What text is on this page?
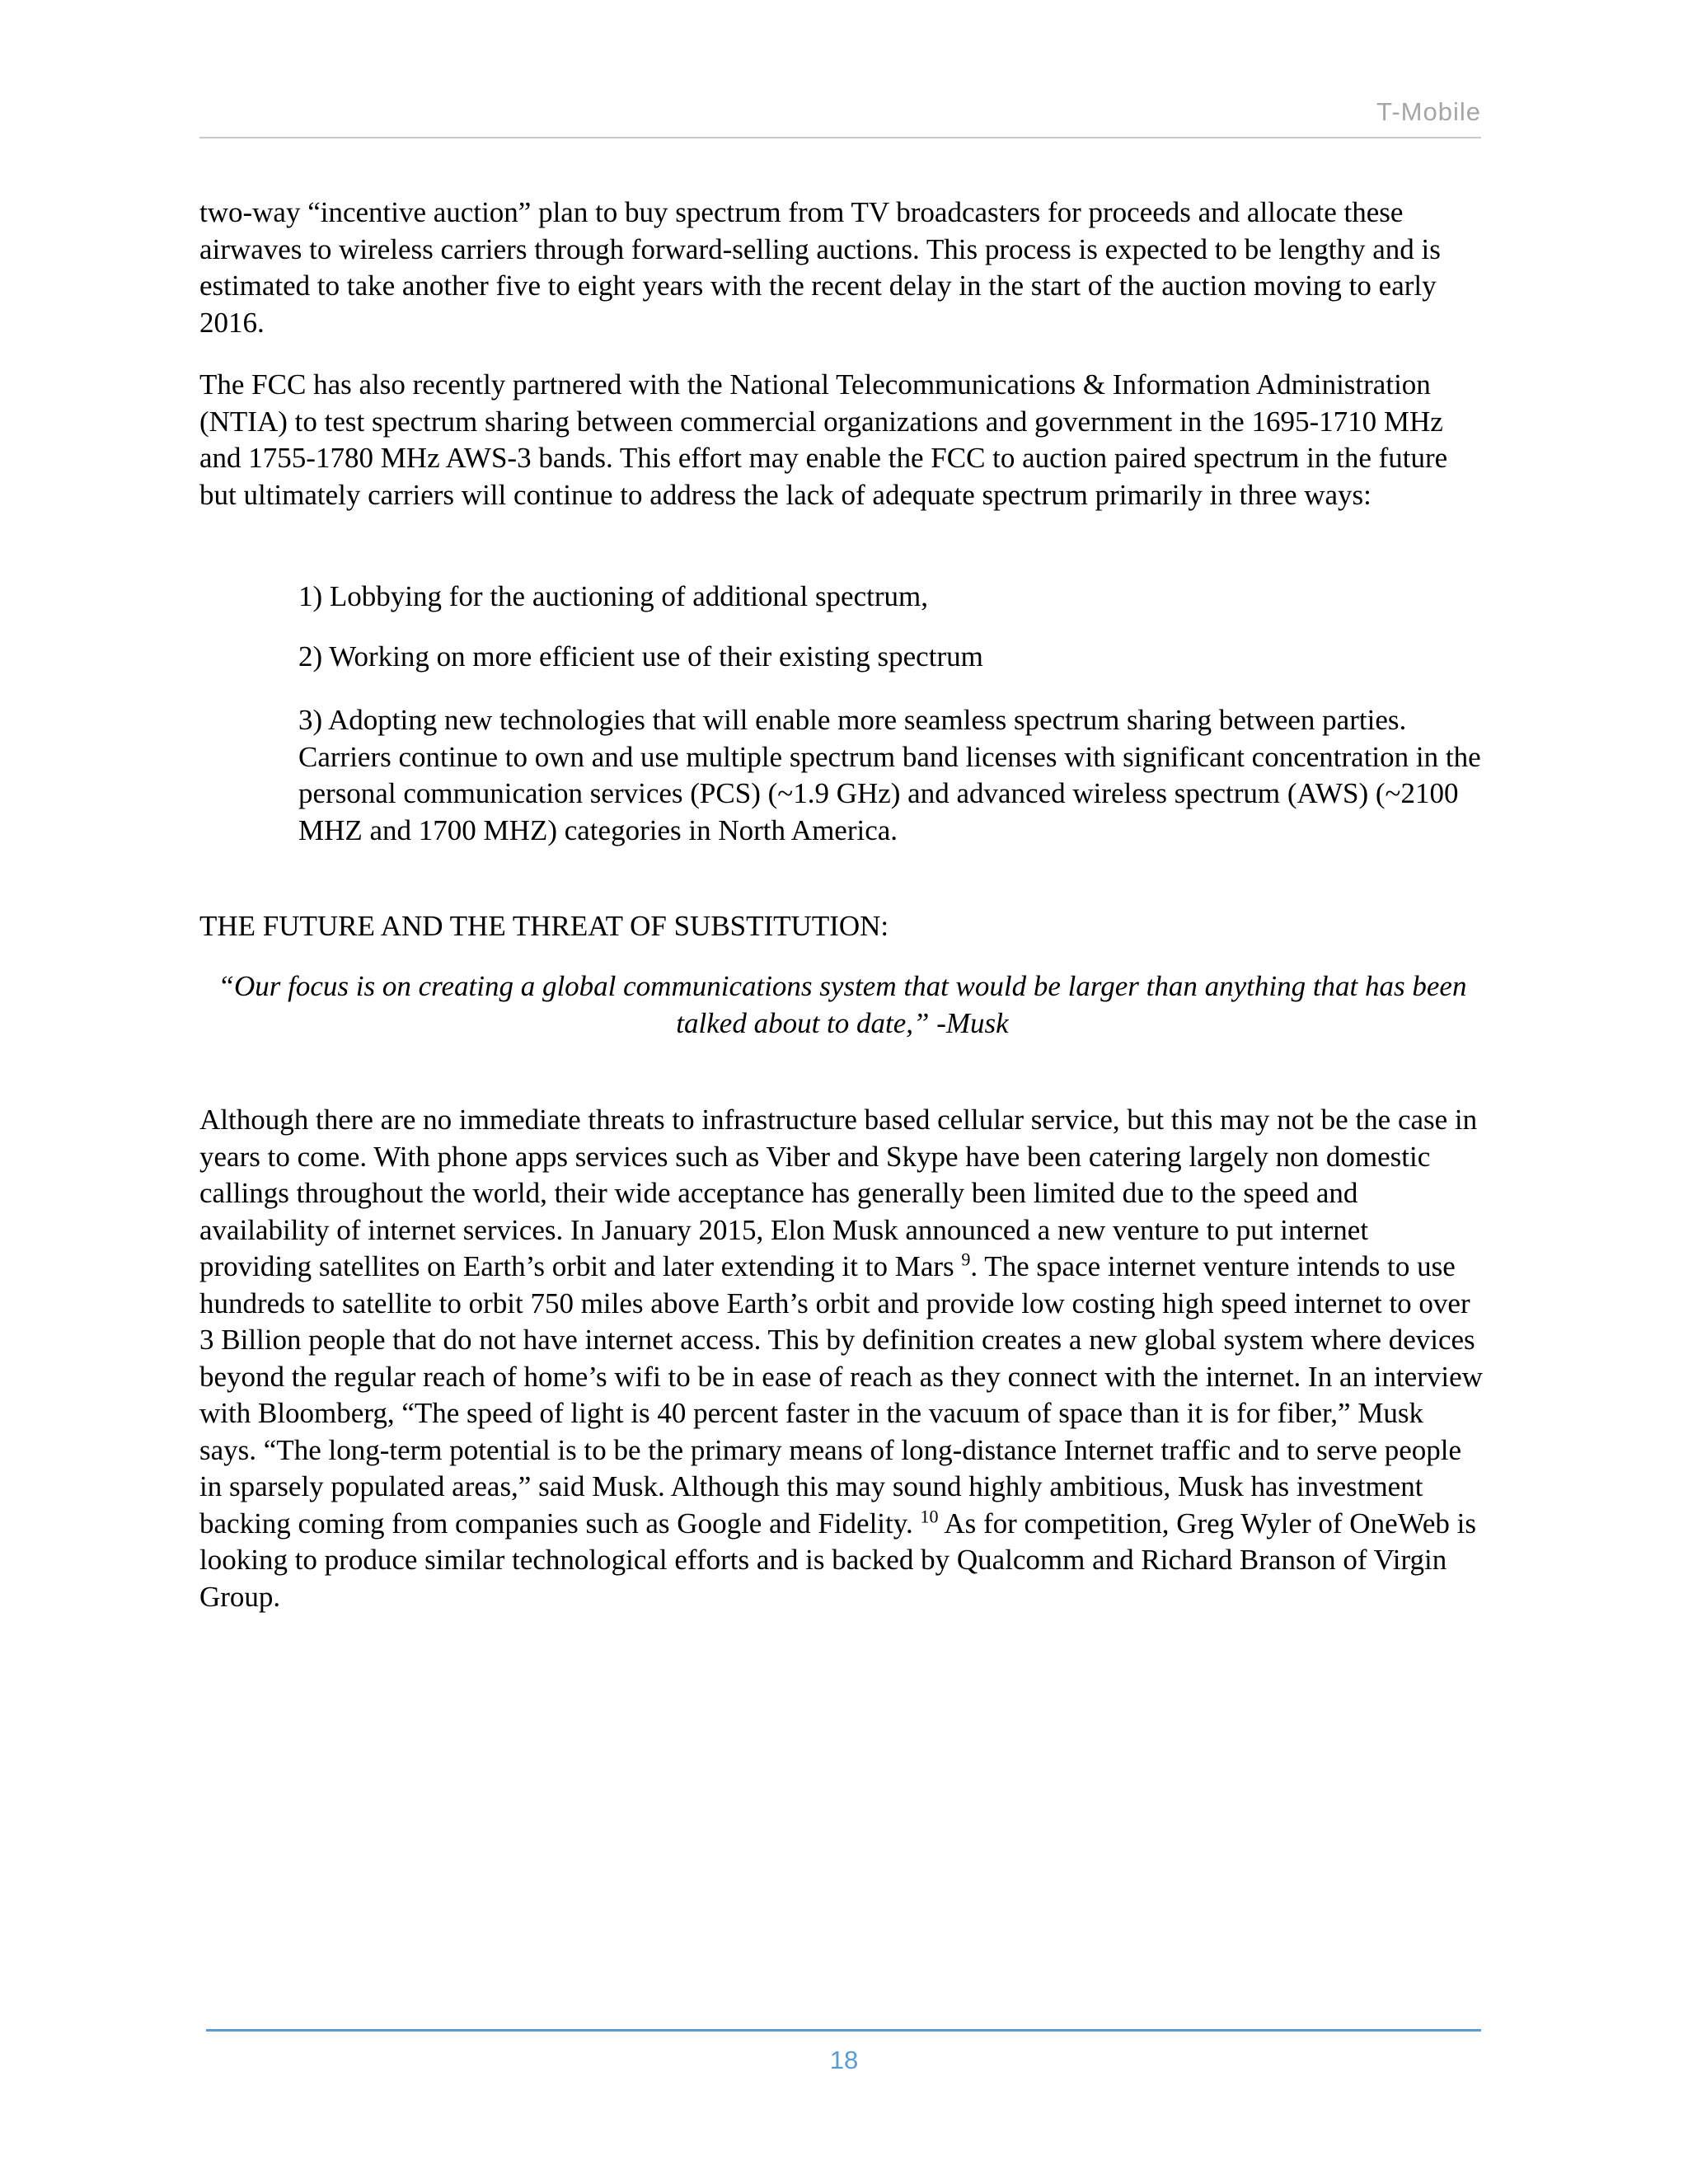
T-Mobile
two-way “incentive auction” plan to buy spectrum from TV broadcasters for proceeds and allocate these airwaves to wireless carriers through forward-selling auctions. This process is expected to be lengthy and is estimated to take another five to eight years with the recent delay in the start of the auction moving to early 2016.
The FCC has also recently partnered with the National Telecommunications & Information Administration (NTIA) to test spectrum sharing between commercial organizations and government in the 1695-1710 MHz and 1755-1780 MHz AWS-3 bands. This effort may enable the FCC to auction paired spectrum in the future but ultimately carriers will continue to address the lack of adequate spectrum primarily in three ways:
1) Lobbying for the auctioning of additional spectrum,
2) Working on more efficient use of their existing spectrum
3) Adopting new technologies that will enable more seamless spectrum sharing between parties. Carriers continue to own and use multiple spectrum band licenses with significant concentration in the personal communication services (PCS) (~1.9 GHz) and advanced wireless spectrum (AWS) (~2100 MHZ and 1700 MHZ) categories in North America.
THE FUTURE AND THE THREAT OF SUBSTITUTION:
“Our focus is on creating a global communications system that would be larger than anything that has been talked about to date,” -Musk
Although there are no immediate threats to infrastructure based cellular service, but this may not be the case in years to come. With phone apps services such as Viber and Skype have been catering largely non domestic callings throughout the world, their wide acceptance has generally been limited due to the speed and availability of internet services. In January 2015, Elon Musk announced a new venture to put internet providing satellites on Earth’s orbit and later extending it to Mars $^9$. The space internet venture intends to use hundreds to satellite to orbit 750 miles above Earth’s orbit and provide low costing high speed internet to over 3 Billion people that do not have internet access. This by definition creates a new global system where devices beyond the regular reach of home’s wifi to be in ease of reach as they connect with the internet. In an interview with Bloomberg, “The speed of light is 40 percent faster in the vacuum of space than it is for fiber,” Musk says. “The long-term potential is to be the primary means of long-distance Internet traffic and to serve people in sparsely populated areas,” said Musk. Although this may sound highly ambitious, Musk has investment backing coming from companies such as Google and Fidelity. $^{10}$ As for competition, Greg Wyler of OneWeb is looking to produce similar technological efforts and is backed by Qualcomm and Richard Branson of Virgin Group.
18
